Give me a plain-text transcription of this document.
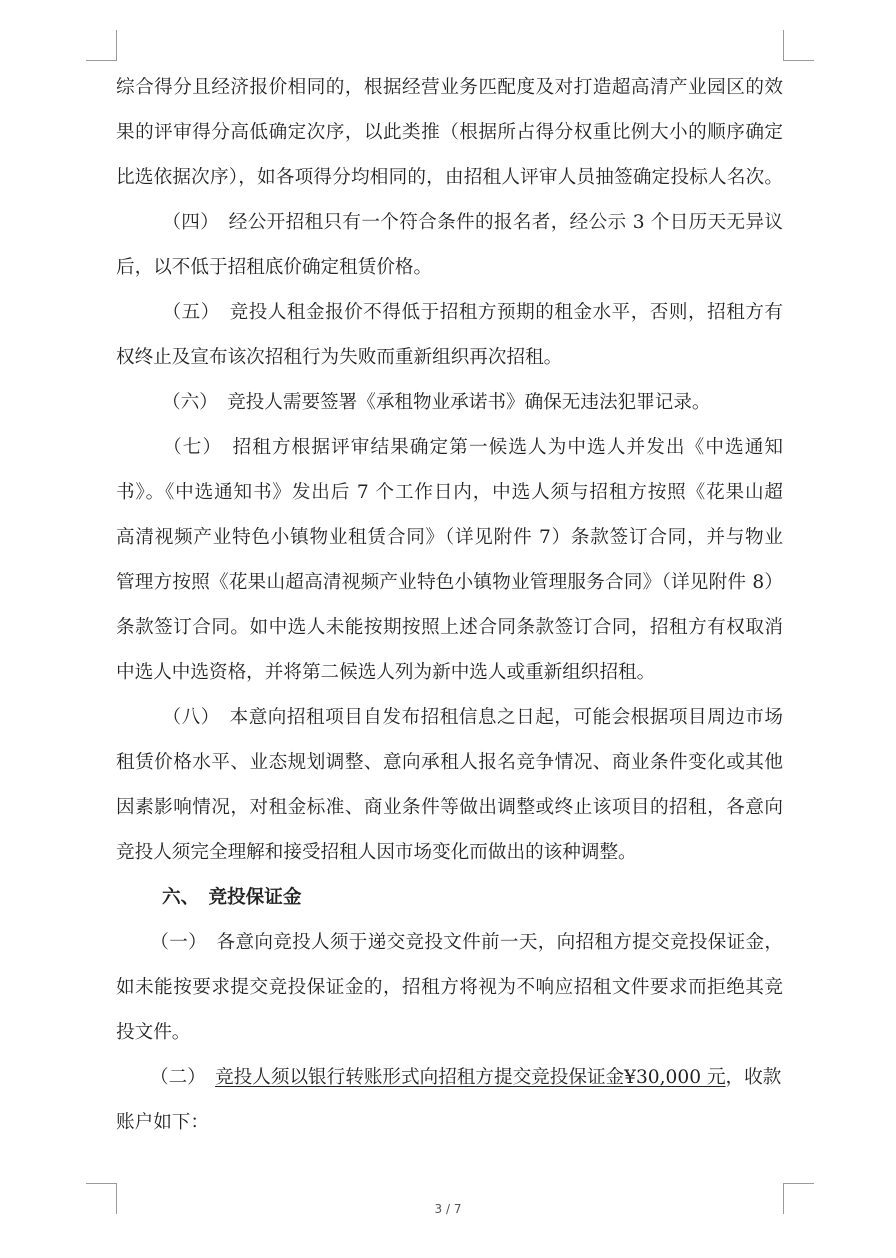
综合得分且经济报价相同的，根据经营业务匹配度及对打造超高清产业园区的效
果的评审得分高低确定次序，以此类推（根据所占得分权重比例大小的顺序确定
比选依据次序），如各项得分均相同的，由招租人评审人员抽签确定投标人名次。
（四）　经公开招租只有一个符合条件的报名者，经公示 3 个日历天无异议
后，以不低于招租底价确定租赁价格。
（五）　竞投人租金报价不得低于招租方预期的租金水平，否则，招租方有
权终止及宣布该次招租行为失败而重新组织再次招租。
（六）　竞投人需要签署《承租物业承诺书》确保无违法犯罪记录。
（七）　招租方根据评审结果确定第一候选人为中选人并发出《中选通知
书》。《中选通知书》发出后 7 个工作日内，中选人须与招租方按照《花果山超
高清视频产业特色小镇物业租赁合同》（详见附件 7）条款签订合同，并与物业
管理方按照《花果山超高清视频产业特色小镇物业管理服务合同》（详见附件 8）
条款签订合同。如中选人未能按期按照上述合同条款签订合同，招租方有权取消
中选人中选资格，并将第二候选人列为新中选人或重新组织招租。
（八）　本意向招租项目自发布招租信息之日起，可能会根据项目周边市场
租赁价格水平、业态规划调整、意向承租人报名竞争情况、商业条件变化或其他
因素影响情况，对租金标准、商业条件等做出调整或终止该项目的招租，各意向
竞投人须完全理解和接受招租人因市场变化而做出的该种调整。
六、　竞投保证金
（一）　各意向竞投人须于递交竞投文件前一天，向招租方提交竞投保证金，
如未能按要求提交竞投保证金的，招租方将视为不响应招租文件要求而拒绝其竞
投文件。
（二）　竞投人须以银行转账形式向招租方提交竞投保证金¥30,000 元，收款
账户如下：
3 / 7
